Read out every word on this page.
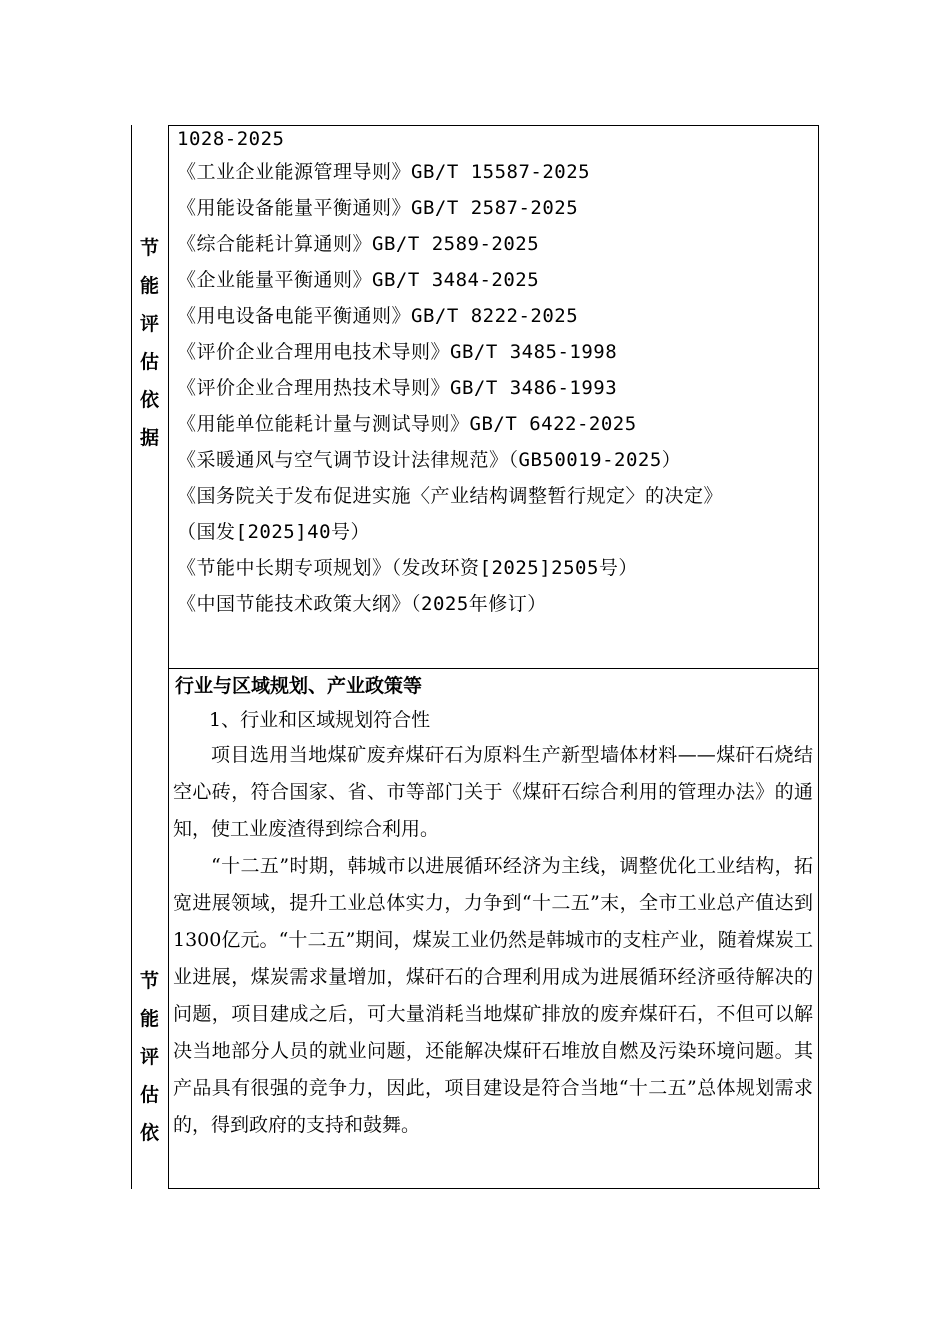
节
能
评
估
依
据
1028-2025
《工业企业能源管理导则》GB/T 15587-2025
《用能设备能量平衡通则》GB/T 2587-2025
《综合能耗计算通则》GB/T 2589-2025
《企业能量平衡通则》GB/T 3484-2025
《用电设备电能平衡通则》GB/T 8222-2025
《评价企业合理用电技术导则》GB/T 3485-1998
《评价企业合理用热技术导则》GB/T 3486-1993
《用能单位能耗计量与测试导则》GB/T 6422-2025
《采暖通风与空气调节设计法律规范》（GB50019-2025）
《国务院关于发布促进实施〈产业结构调整暂行规定〉的决定》
（国发[2025]40号）
《节能中长期专项规划》（发改环资[2025]2505号）
《中国节能技术政策大纲》（2025年修订）
节
能
评
估
依
行业与区域规划、产业政策等
1、行业和区域规划符合性

项目选用当地煤矿废弃煤矸石为原料生产新型墙体材料——煤矸石烧结空心砖，符合国家、省、市等部门关于《煤矸石综合利用的管理办法》的通知，使工业废渣得到综合利用。

“十二五”时期，韩城市以进展循环经济为主线，调整优化工业结构，拓宽进展领域，提升工业总体实力，力争到“十二五”末，全市工业总产值达到1300亿元。“十二五”期间，煤炭工业仍然是韩城市的支柱产业，随着煤炭工业进展，煤炭需求量增加，煤矸石的合理利用成为进展循环经济亟待解决的问题，项目建成之后，可大量消耗当地煤矿排放的废弃煤矸石，不但可以解决当地部分人员的就业问题，还能解决煤矸石堆放自燃及污染环境问题。其产品具有很强的竞争力，因此，项目建设是符合当地“十二五”总体规划需求的，得到政府的支持和鼓舞。
